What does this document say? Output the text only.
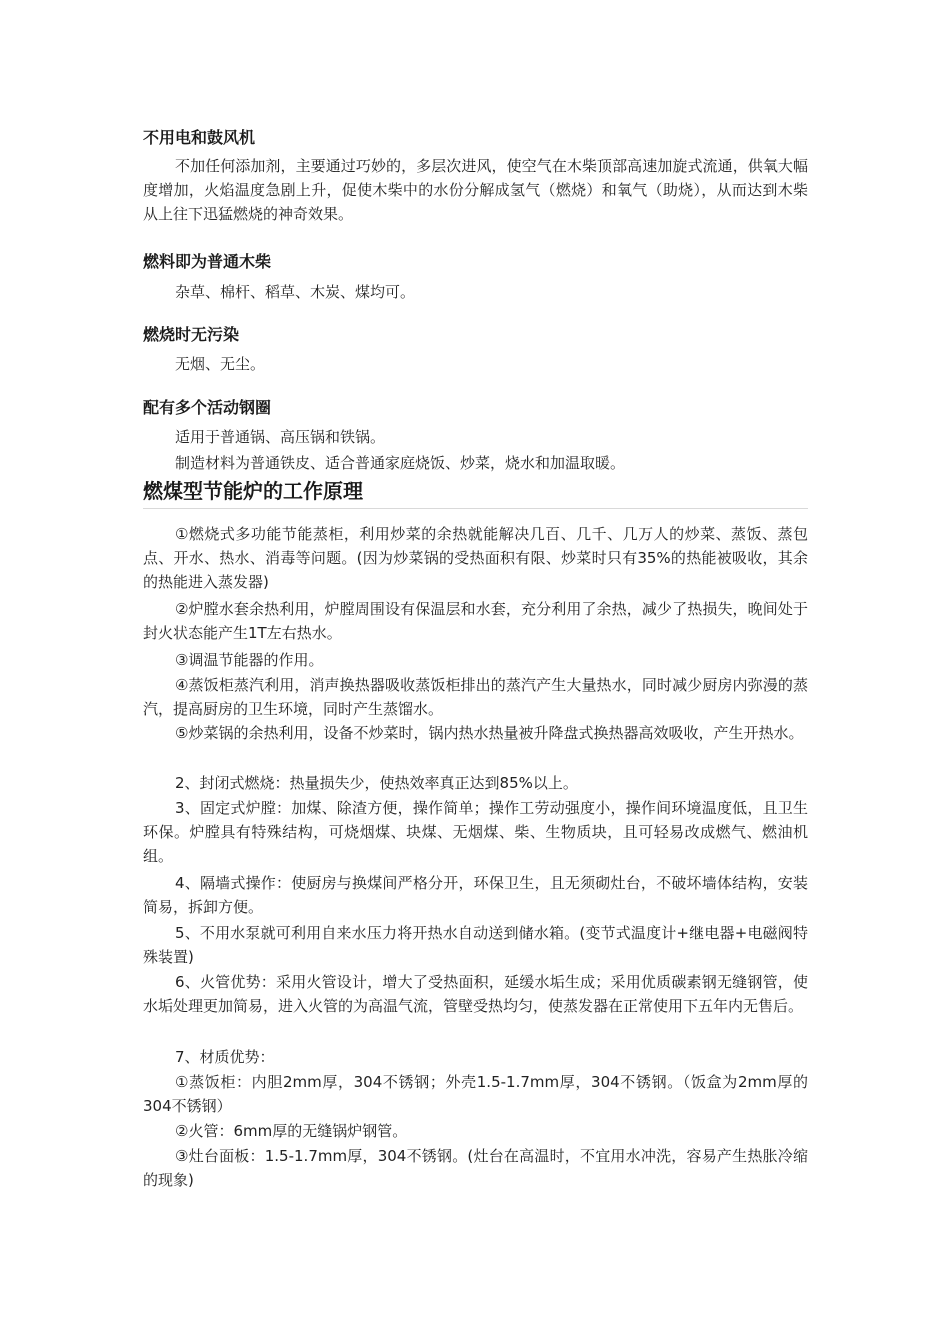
不用电和鼓风机

不加任何添加剂，主要通过巧妙的，多层次进风，使空气在木柴顶部高速加旋式流通，供氧大幅度增加，火焰温度急剧上升，促使木柴中的水份分解成氢气（燃烧）和氧气（助烧），从而达到木柴从上往下迅猛燃烧的神奇效果。

燃料即为普通木柴

杂草、棉杆、稻草、木炭、煤均可。

燃烧时无污染

无烟、无尘。

配有多个活动钢圈

适用于普通锅、高压锅和铁锅。

制造材料为普通铁皮、适合普通家庭烧饭、炒菜，烧水和加温取暖。

燃煤型节能炉的工作原理

①燃烧式多功能节能蒸柜，利用炒菜的余热就能解决几百、几千、几万人的炒菜、蒸饭、蒸包点、开水、热水、消毒等问题。(因为炒菜锅的受热面积有限、炒菜时只有35%的热能被吸收，其余的热能进入蒸发器)

②炉膛水套余热利用，炉膛周围设有保温层和水套，充分利用了余热，减少了热损失，晚间处于封火状态能产生1T左右热水。

③调温节能器的作用。

④蒸饭柜蒸汽利用，消声换热器吸收蒸饭柜排出的蒸汽产生大量热水，同时减少厨房内弥漫的蒸汽，提高厨房的卫生环境，同时产生蒸馏水。

⑤炒菜锅的余热利用，设备不炒菜时，锅内热水热量被升降盘式换热器高效吸收，产生开热水。

2、封闭式燃烧：热量损失少，使热效率真正达到85%以上。

3、固定式炉膛：加煤、除渣方便，操作简单；操作工劳动强度小，操作间环境温度低，且卫生环保。炉膛具有特殊结构，可烧烟煤、块煤、无烟煤、柴、生物质块，且可轻易改成燃气、燃油机组。

4、隔墙式操作：使厨房与换煤间严格分开，环保卫生，且无须砌灶台，不破坏墙体结构，安装简易，拆卸方便。

5、不用水泵就可利用自来水压力将开热水自动送到储水箱。(变节式温度计+继电器+电磁阀特殊装置)

6、火管优势：采用火管设计，增大了受热面积，延缓水垢生成；采用优质碳素钢无缝钢管，使水垢处理更加简易，进入火管的为高温气流，管壁受热均匀，使蒸发器在正常使用下五年内无售后。

7、材质优势：

①蒸饭柜：内胆2mm厚，304不锈钢；外壳1.5-1.7mm厚，304不锈钢。（饭盒为2mm厚的304不锈钢）

②火管：6mm厚的无缝锅炉钢管。

③灶台面板：1.5-1.7mm厚，304不锈钢。(灶台在高温时，不宜用水冲洗，容易产生热胀冷缩的现象)
